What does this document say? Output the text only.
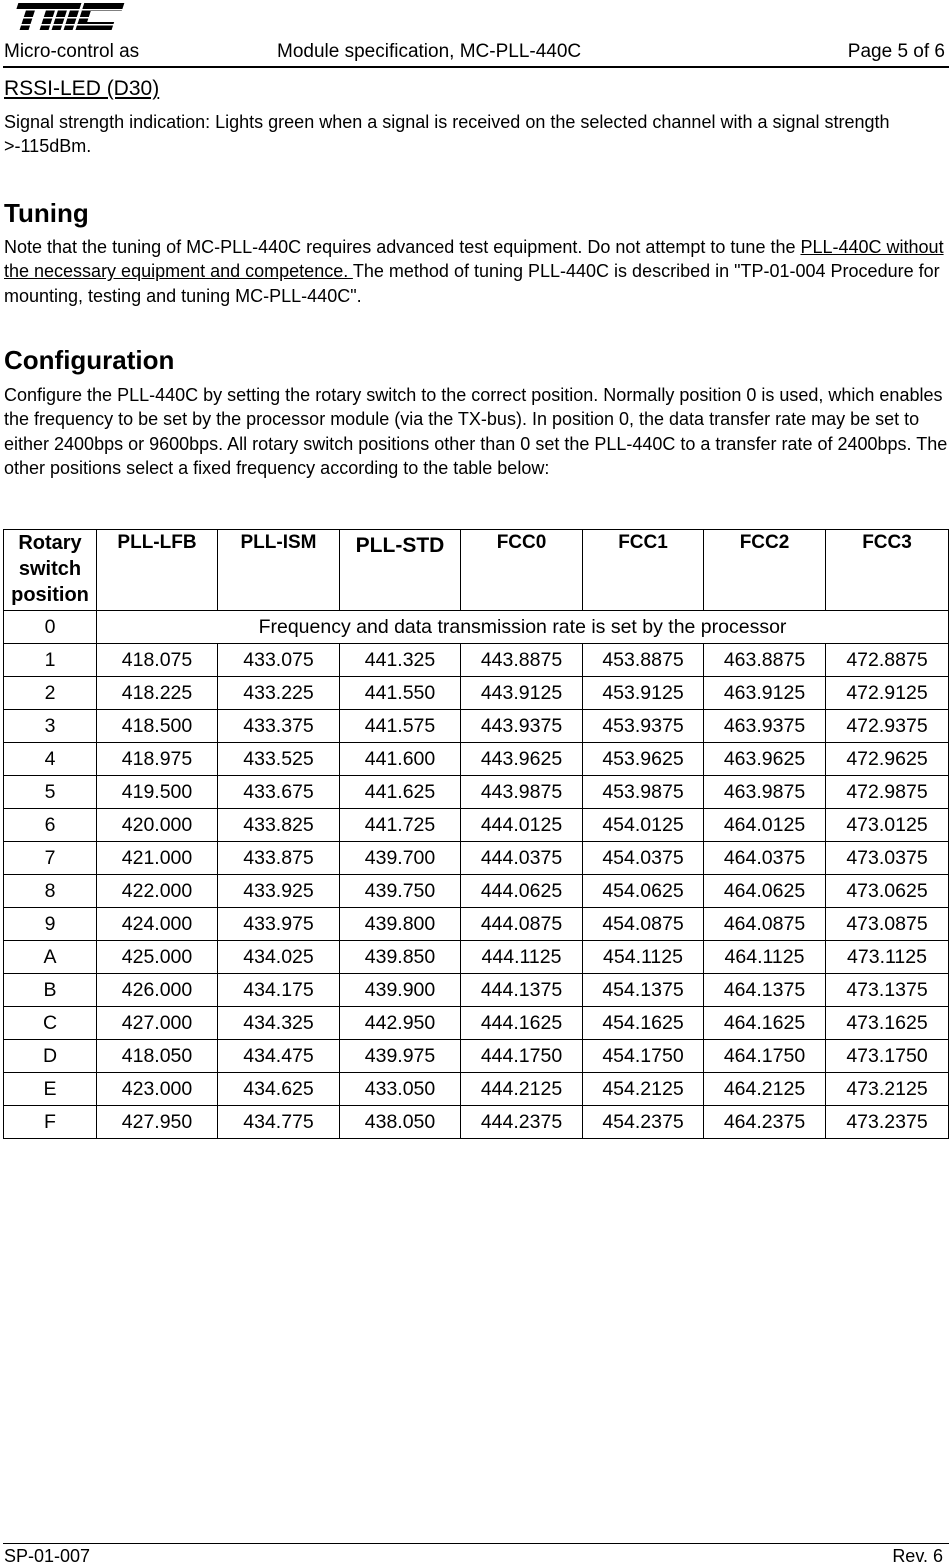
Micro-control as	Module specification, MC-PLL-440C	Page 5 of 6
RSSI-LED (D30)
Signal strength indication: Lights green when a signal is received on the selected channel with a signal strength >-115dBm.
Tuning
Note that the tuning of MC-PLL-440C requires advanced test equipment. Do not attempt to tune the PLL-440C without the necessary equipment and competence. The method of tuning PLL-440C is described in "TP-01-004 Procedure for mounting, testing and tuning MC-PLL-440C".
Configuration
Configure the PLL-440C by setting the rotary switch to the correct position. Normally position 0 is used, which enables the frequency to be set by the processor module (via the TX-bus). In position 0, the data transfer rate may be set to either 2400bps or 9600bps. All rotary switch positions other than 0 set the PLL-440C to a transfer rate of 2400bps. The other positions select a fixed frequency according to the table below:
Rotary switch position	PLL-LFB	PLL-ISM	PLL-STD	FCC0	FCC1	FCC2	FCC3
0	Frequency and data transmission rate is set by the processor						
1	418.075	433.075	441.325	443.8875	453.8875	463.8875	472.8875
2	418.225	433.225	441.550	443.9125	453.9125	463.9125	472.9125
3	418.500	433.375	441.575	443.9375	453.9375	463.9375	472.9375
4	418.975	433.525	441.600	443.9625	453.9625	463.9625	472.9625
5	419.500	433.675	441.625	443.9875	453.9875	463.9875	472.9875
6	420.000	433.825	441.725	444.0125	454.0125	464.0125	473.0125
7	421.000	433.875	439.700	444.0375	454.0375	464.0375	473.0375
8	422.000	433.925	439.750	444.0625	454.0625	464.0625	473.0625
9	424.000	433.975	439.800	444.0875	454.0875	464.0875	473.0875
A	425.000	434.025	439.850	444.1125	454.1125	464.1125	473.1125
B	426.000	434.175	439.900	444.1375	454.1375	464.1375	473.1375
C	427.000	434.325	442.950	444.1625	454.1625	464.1625	473.1625
D	418.050	434.475	439.975	444.1750	454.1750	464.1750	473.1750
E	423.000	434.625	433.050	444.2125	454.2125	464.2125	473.2125
F	427.950	434.775	438.050	444.2375	454.2375	464.2375	473.2375
SP-01-007	Rev. 6
